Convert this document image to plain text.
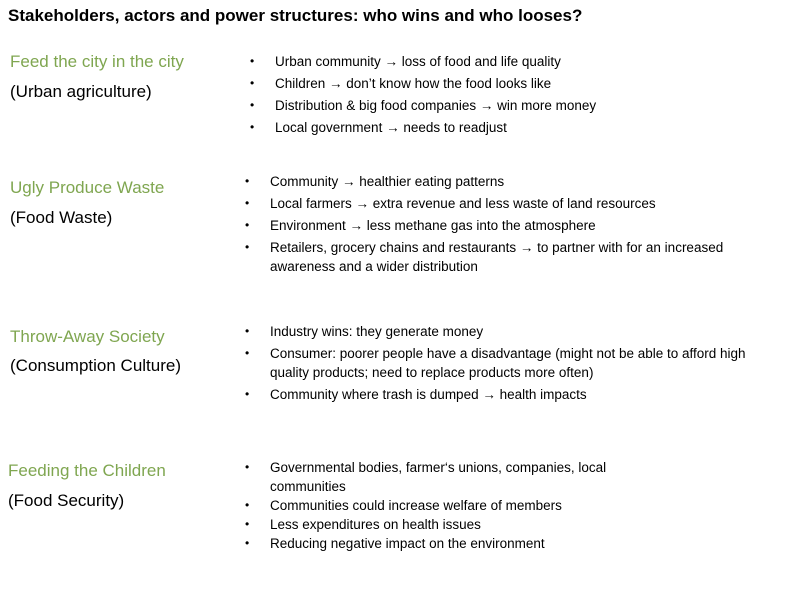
Stakeholders, actors and power structures: who wins and who looses?
Feed the city in the city
(Urban agriculture)
• Urban community → loss of food and life quality
• Children → don’t know how the food looks like
• Distribution & big food companies → win more money
• Local government → needs to readjust
Ugly Produce Waste
(Food Waste)
• Community → healthier eating patterns
• Local farmers → extra revenue and less waste of land resources
• Environment → less methane gas into the atmosphere
• Retailers, grocery chains and restaurants → to partner with for an increased awareness and a wider distribution
Throw-Away Society
(Consumption Culture)
• Industry wins: they generate money
• Consumer: poorer people have a disadvantage (might not be able to afford high quality products; need to replace products more often)
• Community where trash is dumped → health impacts
Feeding the Children
(Food Security)
• Governmental bodies, farmer‘s unions, companies, local communities
• Communities could increase welfare of members
• Less expenditures on health issues
• Reducing negative impact on the environment
